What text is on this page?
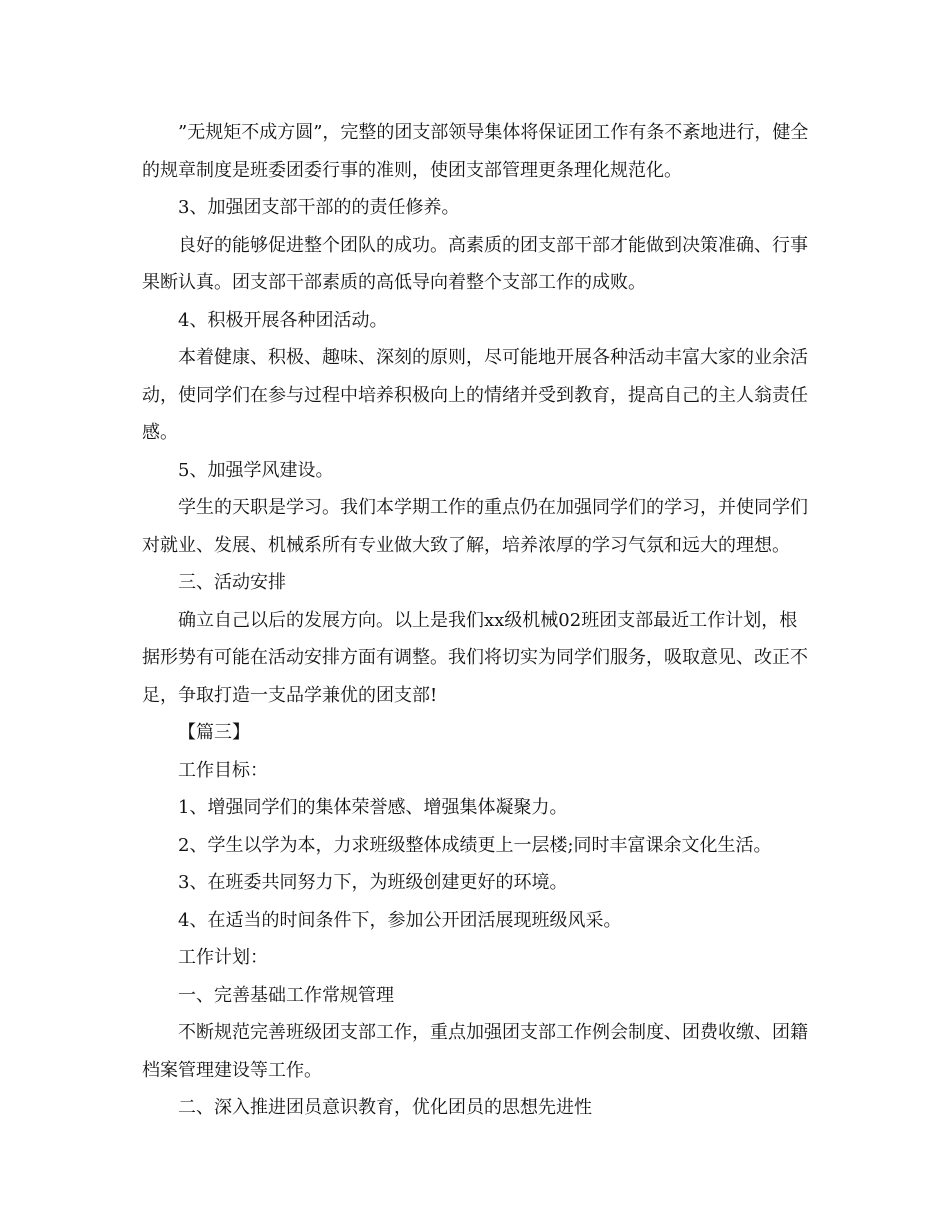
”无规矩不成方圆”，完整的团支部领导集体将保证团工作有条不紊地进行，健全的规章制度是班委团委行事的准则，使团支部管理更条理化规范化。

3、加强团支部干部的的责任修养。

良好的能够促进整个团队的成功。高素质的团支部干部才能做到决策准确、行事果断认真。团支部干部素质的高低导向着整个支部工作的成败。

4、积极开展各种团活动。

本着健康、积极、趣味、深刻的原则，尽可能地开展各种活动丰富大家的业余活动，使同学们在参与过程中培养积极向上的情绪并受到教育，提高自己的主人翁责任感。

5、加强学风建设。

学生的天职是学习。我们本学期工作的重点仍在加强同学们的学习，并使同学们对就业、发展、机械系所有专业做大致了解，培养浓厚的学习气氛和远大的理想。

三、活动安排

确立自己以后的发展方向。以上是我们xx级机械02班团支部最近工作计划，根据形势有可能在活动安排方面有调整。我们将切实为同学们服务，吸取意见、改正不足，争取打造一支品学兼优的团支部!

【篇三】

工作目标：

1、增强同学们的集体荣誉感、增强集体凝聚力。

2、学生以学为本，力求班级整体成绩更上一层楼;同时丰富课余文化生活。

3、在班委共同努力下，为班级创建更好的环境。

4、在适当的时间条件下，参加公开团活展现班级风采。

工作计划：

一、完善基础工作常规管理

不断规范完善班级团支部工作，重点加强团支部工作例会制度、团费收缴、团籍档案管理建设等工作。

二、深入推进团员意识教育，优化团员的思想先进性
